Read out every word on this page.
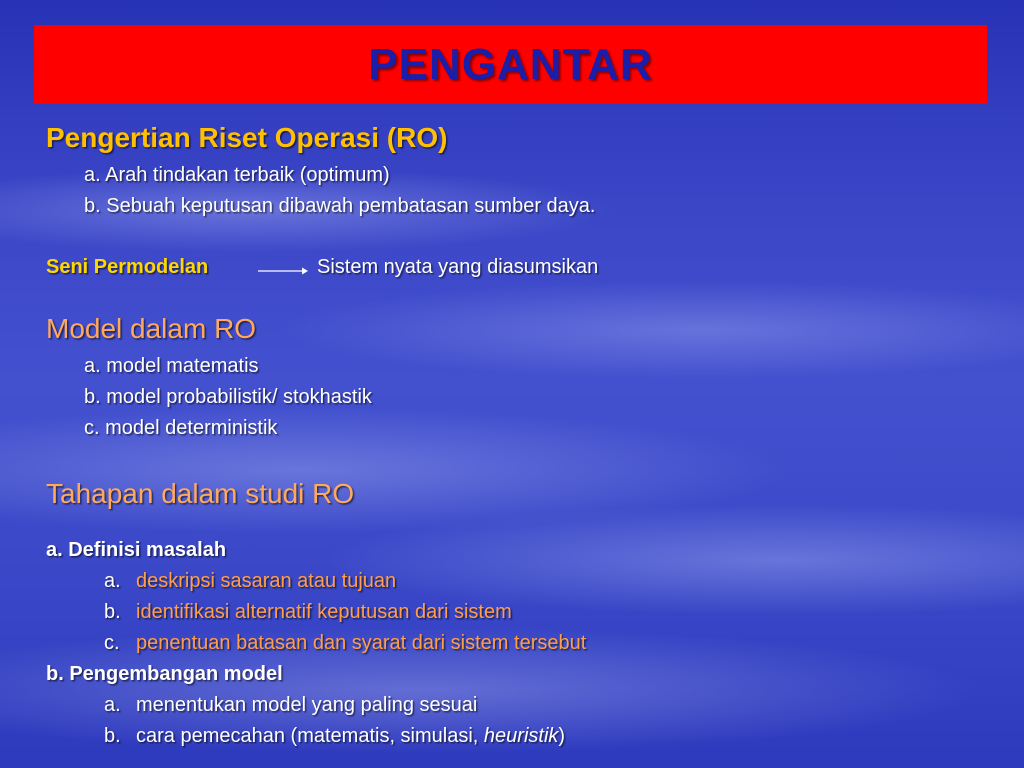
PENGANTAR
Pengertian Riset Operasi (RO)
a. Arah tindakan terbaik (optimum)
b. Sebuah keputusan dibawah pembatasan sumber daya.
Seni Permodelan	Sistem nyata yang diasumsikan
Model dalam RO
a. model matematis
b. model probabilistik/ stokhastik
c. model deterministik
Tahapan dalam studi RO
a. Definisi masalah
a. deskripsi sasaran atau tujuan
b. identifikasi alternatif keputusan dari sistem
c. penentuan batasan dan syarat dari sistem tersebut
b. Pengembangan model
a. menentukan model yang paling sesuai
b. cara pemecahan (matematis, simulasi, heuristik)
